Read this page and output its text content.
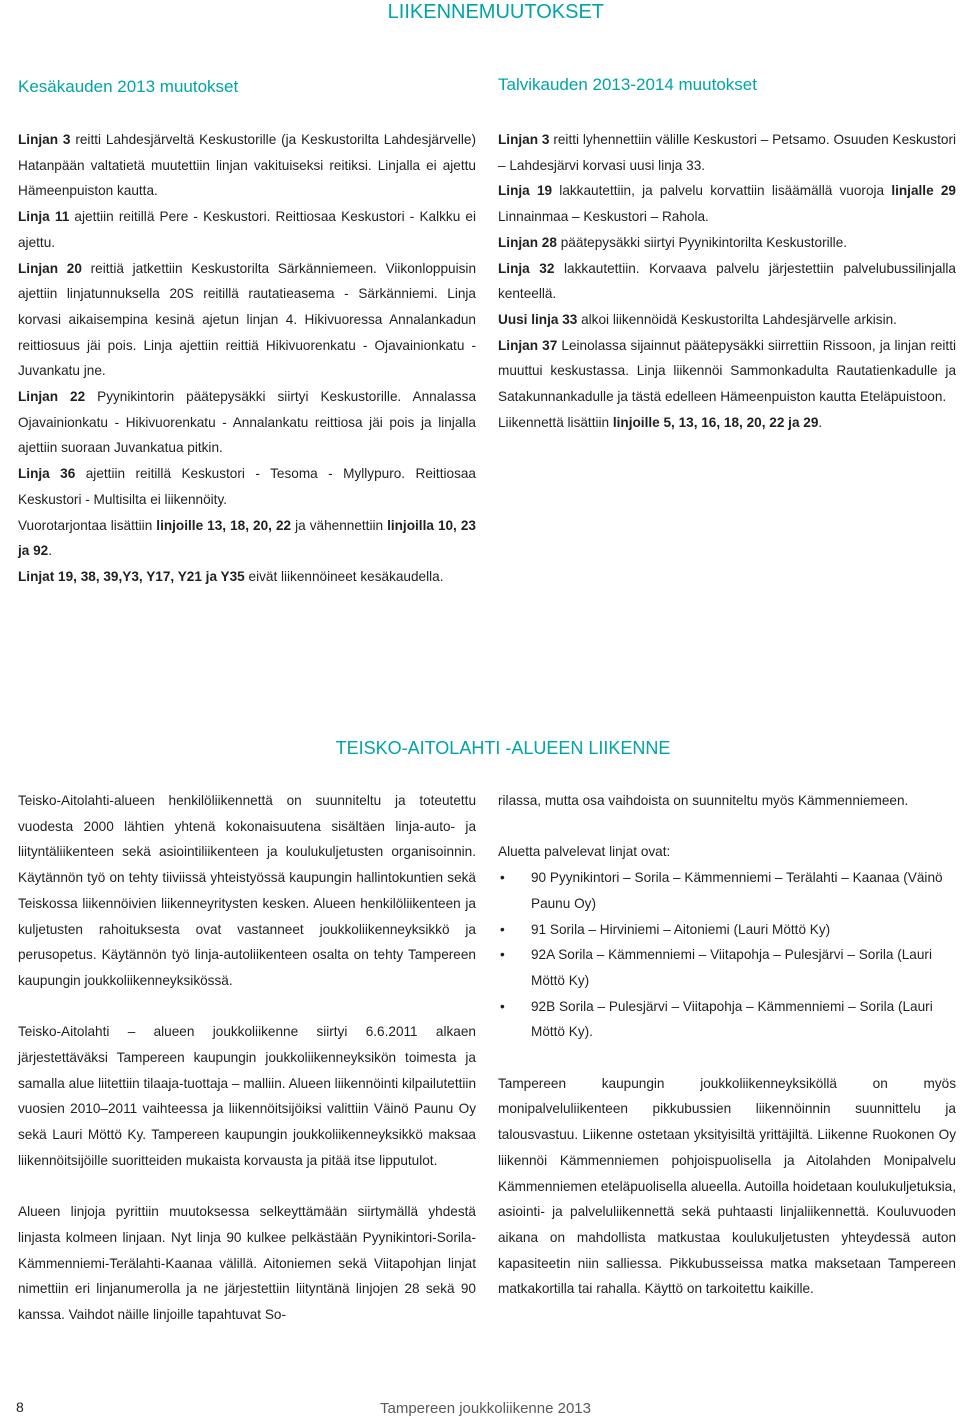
LIIKENNEMUUTOKSET
Kesäkauden 2013 muutokset

Linjan 3 reitti Lahdesjärveltä Keskustorille (ja Keskustorilta Lahdesjärvelle) Hatanpään valtatietä muutettiin linjan vakituiseksi reitiksi. Linjalla ei ajettu Hämeenpuiston kautta.

Linja 11 ajettiin reitillä Pere - Keskustori. Reittiosaa Keskustori - Kalkku ei ajettu.

Linjan 20 reittiä jatkettiin Keskustorilta Särkänniemeen. Viikonloppuisin ajettiin linjatunnuksella 20S reitillä rautatieasema - Särkänniemi. Linja korvasi aikaisempina kesinä ajetun linjan 4. Hikivuoressa Annalankadun reittiosuus jäi pois. Linja ajettiin reittiä Hikivuorenkatu - Ojavainionkatu - Juvankatu jne.

Linjan 22 Pyynikintorin päätepysäkki siirtyi Keskustorille. Annalassa Ojavainionkatu - Hikivuorenkatu - Annalankatu reittiosa jäi pois ja linjalla ajettiin suoraan Juvankatua pitkin.

Linja 36 ajettiin reitillä Keskustori - Tesoma - Myllypuro. Reittiosaa Keskustori - Multisilta ei liikennöity.

Vuorotarjontaa lisättiin linjoille 13, 18, 20, 22 ja vähennettiin linjoilla 10, 23 ja 92.

Linjat 19, 38, 39,Y3, Y17, Y21 ja Y35 eivät liikennöineet kesäkaudella.

Talvikauden 2013-2014 muutokset

Linjan 3 reitti lyhennettiin välille Keskustori – Petsamo. Osuuden Keskustori – Lahdesjärvi korvasi uusi linja 33.

Linja 19 lakkautettiin, ja palvelu korvattiin lisäämällä vuoroja linjalle 29 Linnainmaa – Keskustori – Rahola.

Linjan 28 päätepysäkki siirtyi Pyynikintorilta Keskustorille.

Linja 32 lakkautettiin. Korvaava palvelu järjestettiin palvelubussilinjalla kenteellä.

Uusi linja 33 alkoi liikennöidä Keskustorilta Lahdesjärvelle arkisin.

Linjan 37 Leinolassa sijainnut päätepysäkki siirrettiin Rissoon, ja linjan reitti muuttui keskustassa. Linja liikennöi Sammonkadulta Rautatienkadulle ja Satakunnankadulle ja tästä edelleen Hämeenpuiston kautta Eteläpuistoon.

Liikennettä lisättiin linjoille 5, 13, 16, 18, 20, 22 ja 29.

TEISKO-AITOLAHTI -ALUEEN LIIKENNE

Teisko-Aitolahti-alueen henkilöliikennettä on suunniteltu ja toteutettu vuodesta 2000 lähtien yhtenä kokonaisuutena sisältäen linja-auto- ja liityntäliikenteen sekä asiointiliikenteen ja koulukuljetusten organisoinnin. Käytännön työ on tehty tiiviissä yhteistyössä kaupungin hallintokuntien sekä Teiskossa liikennöivien liikenneyritysten kesken. Alueen henkilöliikenteen ja kuljetusten rahoituksesta ovat vastanneet joukkoliikenneyksikkö ja perusopetus. Käytännön työ linja-autoliikenteen osalta on tehty Tampereen kaupungin joukkoliikenneyksikössä.

Teisko-Aitolahti – alueen joukkoliikenne siirtyi 6.6.2011 alkaen järjestettäväksi Tampereen kaupungin joukkoliikenneyksikön toimesta ja samalla alue liitettiin tilaaja-tuottaja – malliin. Alueen liikennöinti kilpailutettiin vuosien 2010–2011 vaihteessa ja liikennöitsijöiksi valittiin Väinö Paunu Oy sekä Lauri Möttö Ky. Tampereen kaupungin joukkoliikenneyksikkö maksaa liikennöitsijöille suoritteiden mukaista korvausta ja pitää itse lipputulot.

Alueen linjoja pyrittiin muutoksessa selkeyttämään siirtymällä yhdestä linjasta kolmeen linjaan. Nyt linja 90 kulkee pelkästään Pyynikintori-Sorila-Kämmenniemi-Terälahti-Kaanaa välillä. Aitoniemen sekä Viitapohjan linjat nimettiin eri linjanumerolla ja ne järjestettiin liityntänä linjojen 28 sekä 90 kanssa. Vaihdot näille linjoille tapahtuvat So-

rilassa, mutta osa vaihdoista on suunniteltu myös Kämmenniemeen.

Aluetta palvelevat linjat ovat:

• 90 Pyynikintori – Sorila – Kämmenniemi – Terälahti – Kaanaa (Väinö Paunu Oy)
• 91 Sorila – Hirviniemi – Aitoniemi (Lauri Möttö Ky)
• 92A Sorila – Kämmenniemi – Viitapohja – Pulesjärvi – Sorila (Lauri Möttö Ky)
• 92B Sorila – Pulesjärvi – Viitapohja – Kämmenniemi – Sorila (Lauri Möttö Ky).

Tampereen kaupungin joukkoliikenneyksiköllä on myös monipalveluliikenteen pikkubussien liikennöinnin suunnittelu ja talousvastuu. Liikenne ostetaan yksityisiltä yrittäjiltä. Liikenne Ruokonen Oy liikennöi Kämmenniemen pohjoispuolisella ja Aitolahden Monipalvelu Kämmenniemen eteläpuolisella alueella. Autoilla hoidetaan koulukuljetuksia, asiointi- ja palveluliikennettä sekä puhtaasti linjaliikennettä. Kouluvuoden aikana on mahdollista matkustaa koulukuljetusten yhteydessä auton kapasiteetin niin salliessa. Pikkubusseissa matka maksetaan Tampereen matkakortilla tai rahalla. Käyttö on tarkoitettu kaikille.

8	Tampereen joukkoliikenne 2013
